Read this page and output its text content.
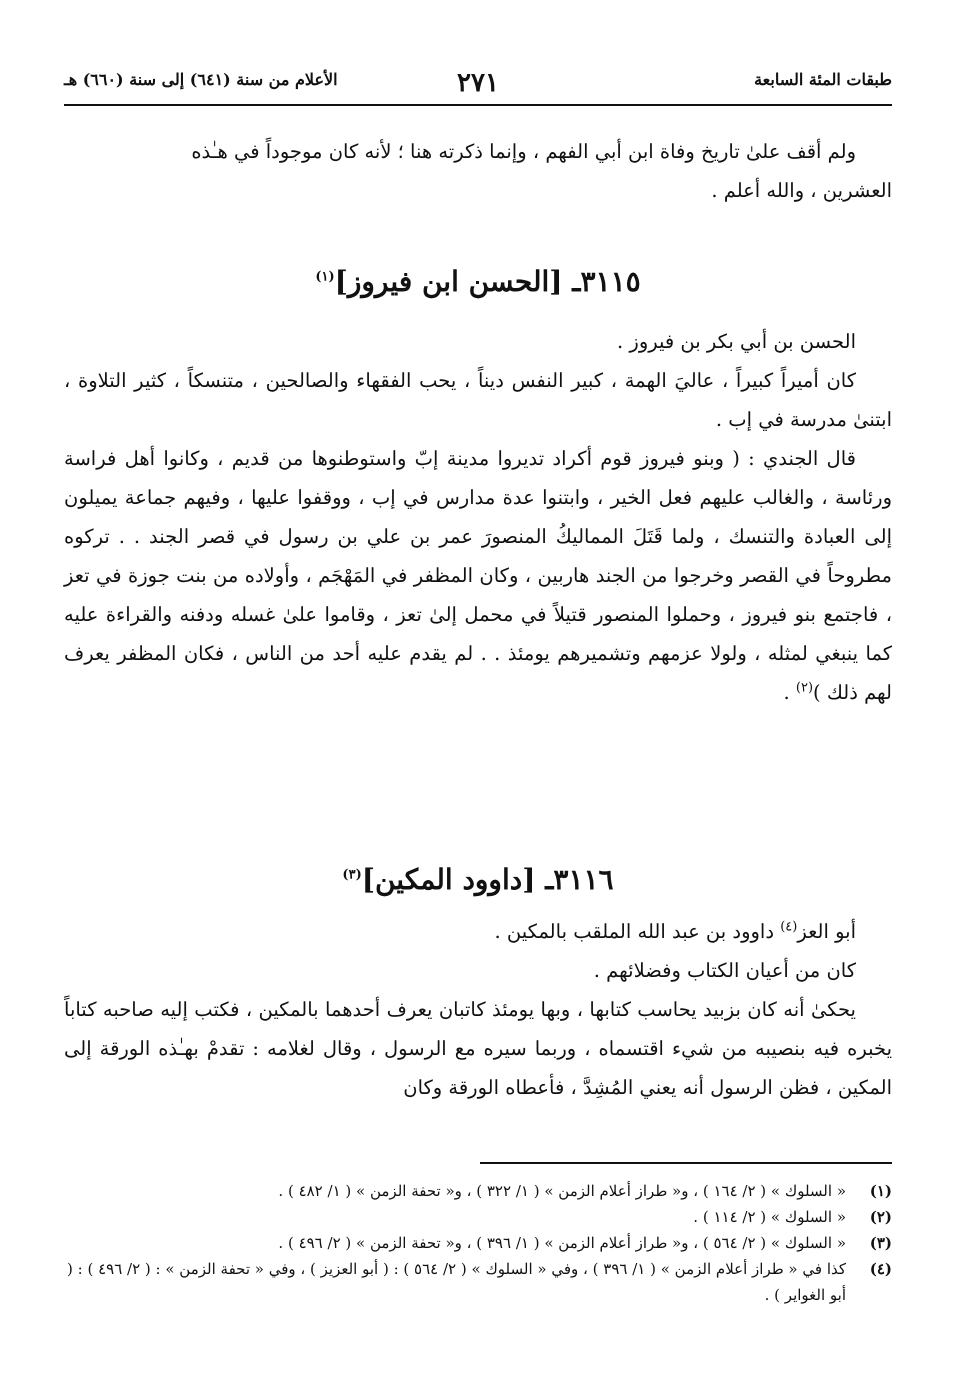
طبقات المئة السابعة
٢٧١
الأعلام من سنة (٦٤١) إلى سنة (٦٦٠) هـ

ولم أقف علىٰ تاريخ وفاة ابن أبي الفهم ، وإنما ذكرته هنا ؛ لأنه كان موجوداً في هـٰذه

العشرين ، والله أعلم .

٣١١٥ـ [الحسن ابن فيروز]$^{(١)}$

الحسن بن أبي بكر بن فيروز .

كان أميراً كبيراً ، عاليَ الهمة ، كبير النفس ديناً ، يحب الفقهاء والصالحين ، متنسكاً ، كثير التلاوة ، ابتنىٰ مدرسة في إب .

قال الجندي : ( وبنو فيروز قوم أكراد تديروا مدينة إبّ واستوطنوها من قديم ، وكانوا أهل فراسة ورئاسة ، والغالب عليهم فعل الخير ، وابتنوا عدة مدارس في إب ، ووقفوا عليها ، وفيهم جماعة يميلون إلى العبادة والتنسك ، ولما قَتَلَ المماليكُ المنصورَ عمر بن علي بن رسول في قصر الجند . . تركوه مطروحاً في القصر وخرجوا من الجند هاربين ، وكان المظفر في المَهْجَم ، وأولاده من بنت جوزة في تعز ، فاجتمع بنو فيروز ، وحملوا المنصور قتيلاً في محمل إلىٰ تعز ، وقاموا علىٰ غسله ودفنه والقراءة عليه كما ينبغي لمثله ، ولولا عزمهم وتشميرهم يومئذ . . لم يقدم عليه أحد من الناس ، فكان المظفر يعرف لهم ذلك )$^{(٢)}$ .

٣١١٦ـ [داوود المكين]$^{(٣)}$

أبو العز$^{(٤)}$ داوود بن عبد الله الملقب بالمكين .

كان من أعيان الكتاب وفضلائهم .

يحكىٰ أنه كان بزبيد يحاسب كتابها ، وبها يومئذ كاتبان يعرف أحدهما بالمكين ، فكتب إليه صاحبه كتاباً يخبره فيه بنصيبه من شيء اقتسماه ، وربما سيره مع الرسول ، وقال لغلامه : تقدمْ بهـٰذه الورقة إلى المكين ، فظن الرسول أنه يعني المُشِدَّ ، فأعطاه الورقة وكان

(١)
« السلوك » ( ٢/ ١٦٤ ) ، و« طراز أعلام الزمن » ( ١/ ٣٢٢ ) ، و« تحفة الزمن » ( ١/ ٤٨٢ ) .
(٢)
« السلوك » ( ٢/ ١١٤ ) .
(٣)
« السلوك » ( ٢/ ٥٦٤ ) ، و« طراز أعلام الزمن » ( ١/ ٣٩٦ ) ، و« تحفة الزمن » ( ٢/ ٤٩٦ ) .
(٤)
كذا في « طراز أعلام الزمن » ( ١/ ٣٩٦ ) ، وفي « السلوك » ( ٢/ ٥٦٤ ) : ( أبو العزيز ) ، وفي « تحفة الزمن » : ( ٢/ ٤٩٦ ) : ( أبو الغواير ) .
